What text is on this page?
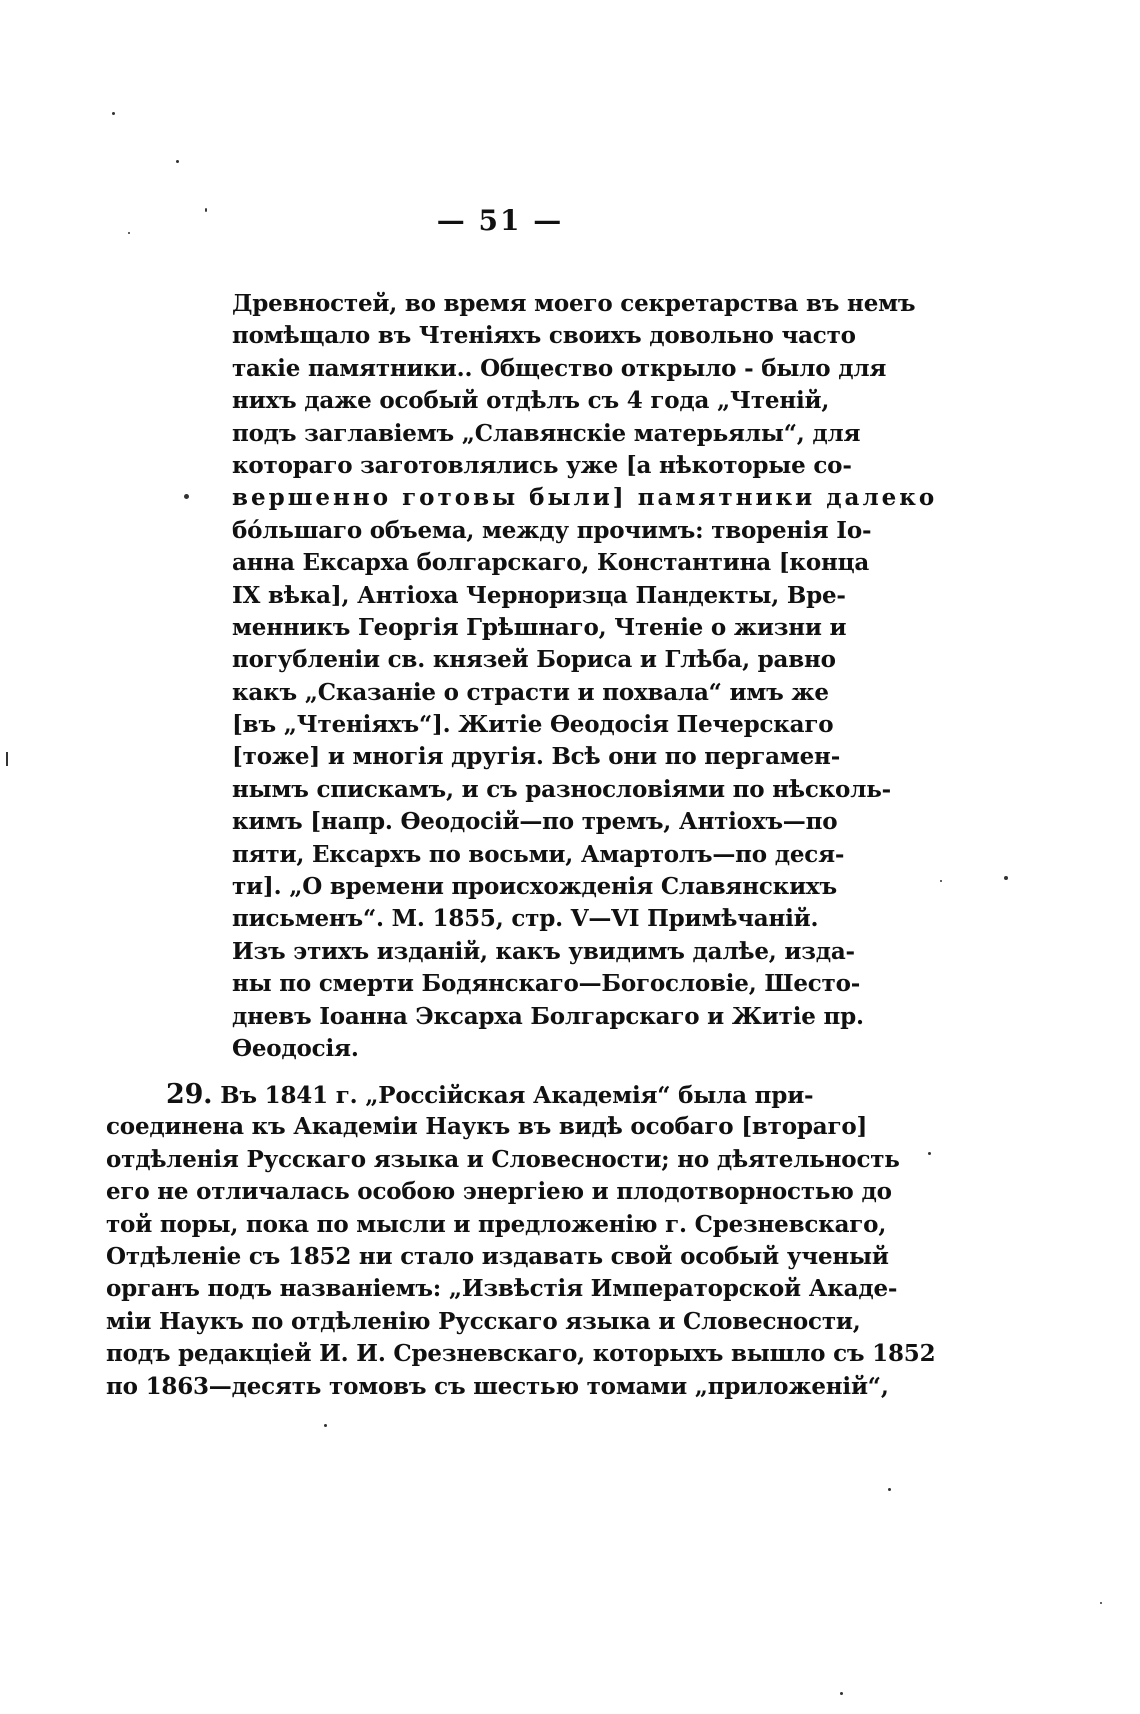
— 51 —
Древностей, во время моего секретарства въ немъ
помѣщало въ Чтеніяхъ своихъ довольно часто
такіе памятники.. Общество открыло - было для
нихъ даже особый отдѣлъ съ 4 года „Чтеній,
подъ заглавіемъ „Славянскіе матерьялы“, для
котораго заготовлялись уже [а нѣкоторые со-
вершенно готовы были] памятники далеко
бо́льшаго объема, между прочимъ: творенія Іо-
анна Ексарха болгарскаго, Константина [конца
IX вѣка], Антіоха Черноризца Пандекты, Вре-
менникъ Георгія Грѣшнаго, Чтеніе о жизни и
погубленіи св. князей Бориса и Глѣба, равно
какъ „Сказаніе о страсти и похвала“ имъ же
[въ „Чтеніяхъ“]. Житіе Өеодосія Печерскаго
[тоже] и многія другія. Всѣ они по пергамен-
нымъ спискамъ, и съ разнословіями по нѣсколь-
кимъ [напр. Өеодосій—по тремъ, Антіохъ—по
пяти, Ексархъ по восьми, Амартолъ—по деся-
ти]. „О времени происхожденія Славянскихъ
письменъ“. М. 1855, стр. V—VI Примѣчаній.
Изъ этихъ изданій, какъ увидимъ далѣе, изда-
ны по смерти Бодянскаго—Богословіе, Шесто-
дневъ Іоанна Эксарха Болгарскаго и Житіе пр.
Өеодосія.
29. Въ 1841 г. „Россійская Академія“ была при-
соединена къ Академіи Наукъ въ видѣ особаго [втораго]
отдѣленія Русскаго языка и Словесности; но дѣятельность
его не отличалась особою энергіею и плодотворностью до
той поры, пока по мысли и предложенію г. Срезневскаго,
Отдѣленіе съ 1852 ни стало издавать свой особый ученый
органъ подъ названіемъ: „Извѣстія Императорской Акаде-
міи Наукъ по отдѣленію Русскаго языка и Словесности,
подъ редакціей И. И. Срезневскаго, которыхъ вышло съ 1852
по 1863—десять томовъ съ шестью томами „приложеній“,
